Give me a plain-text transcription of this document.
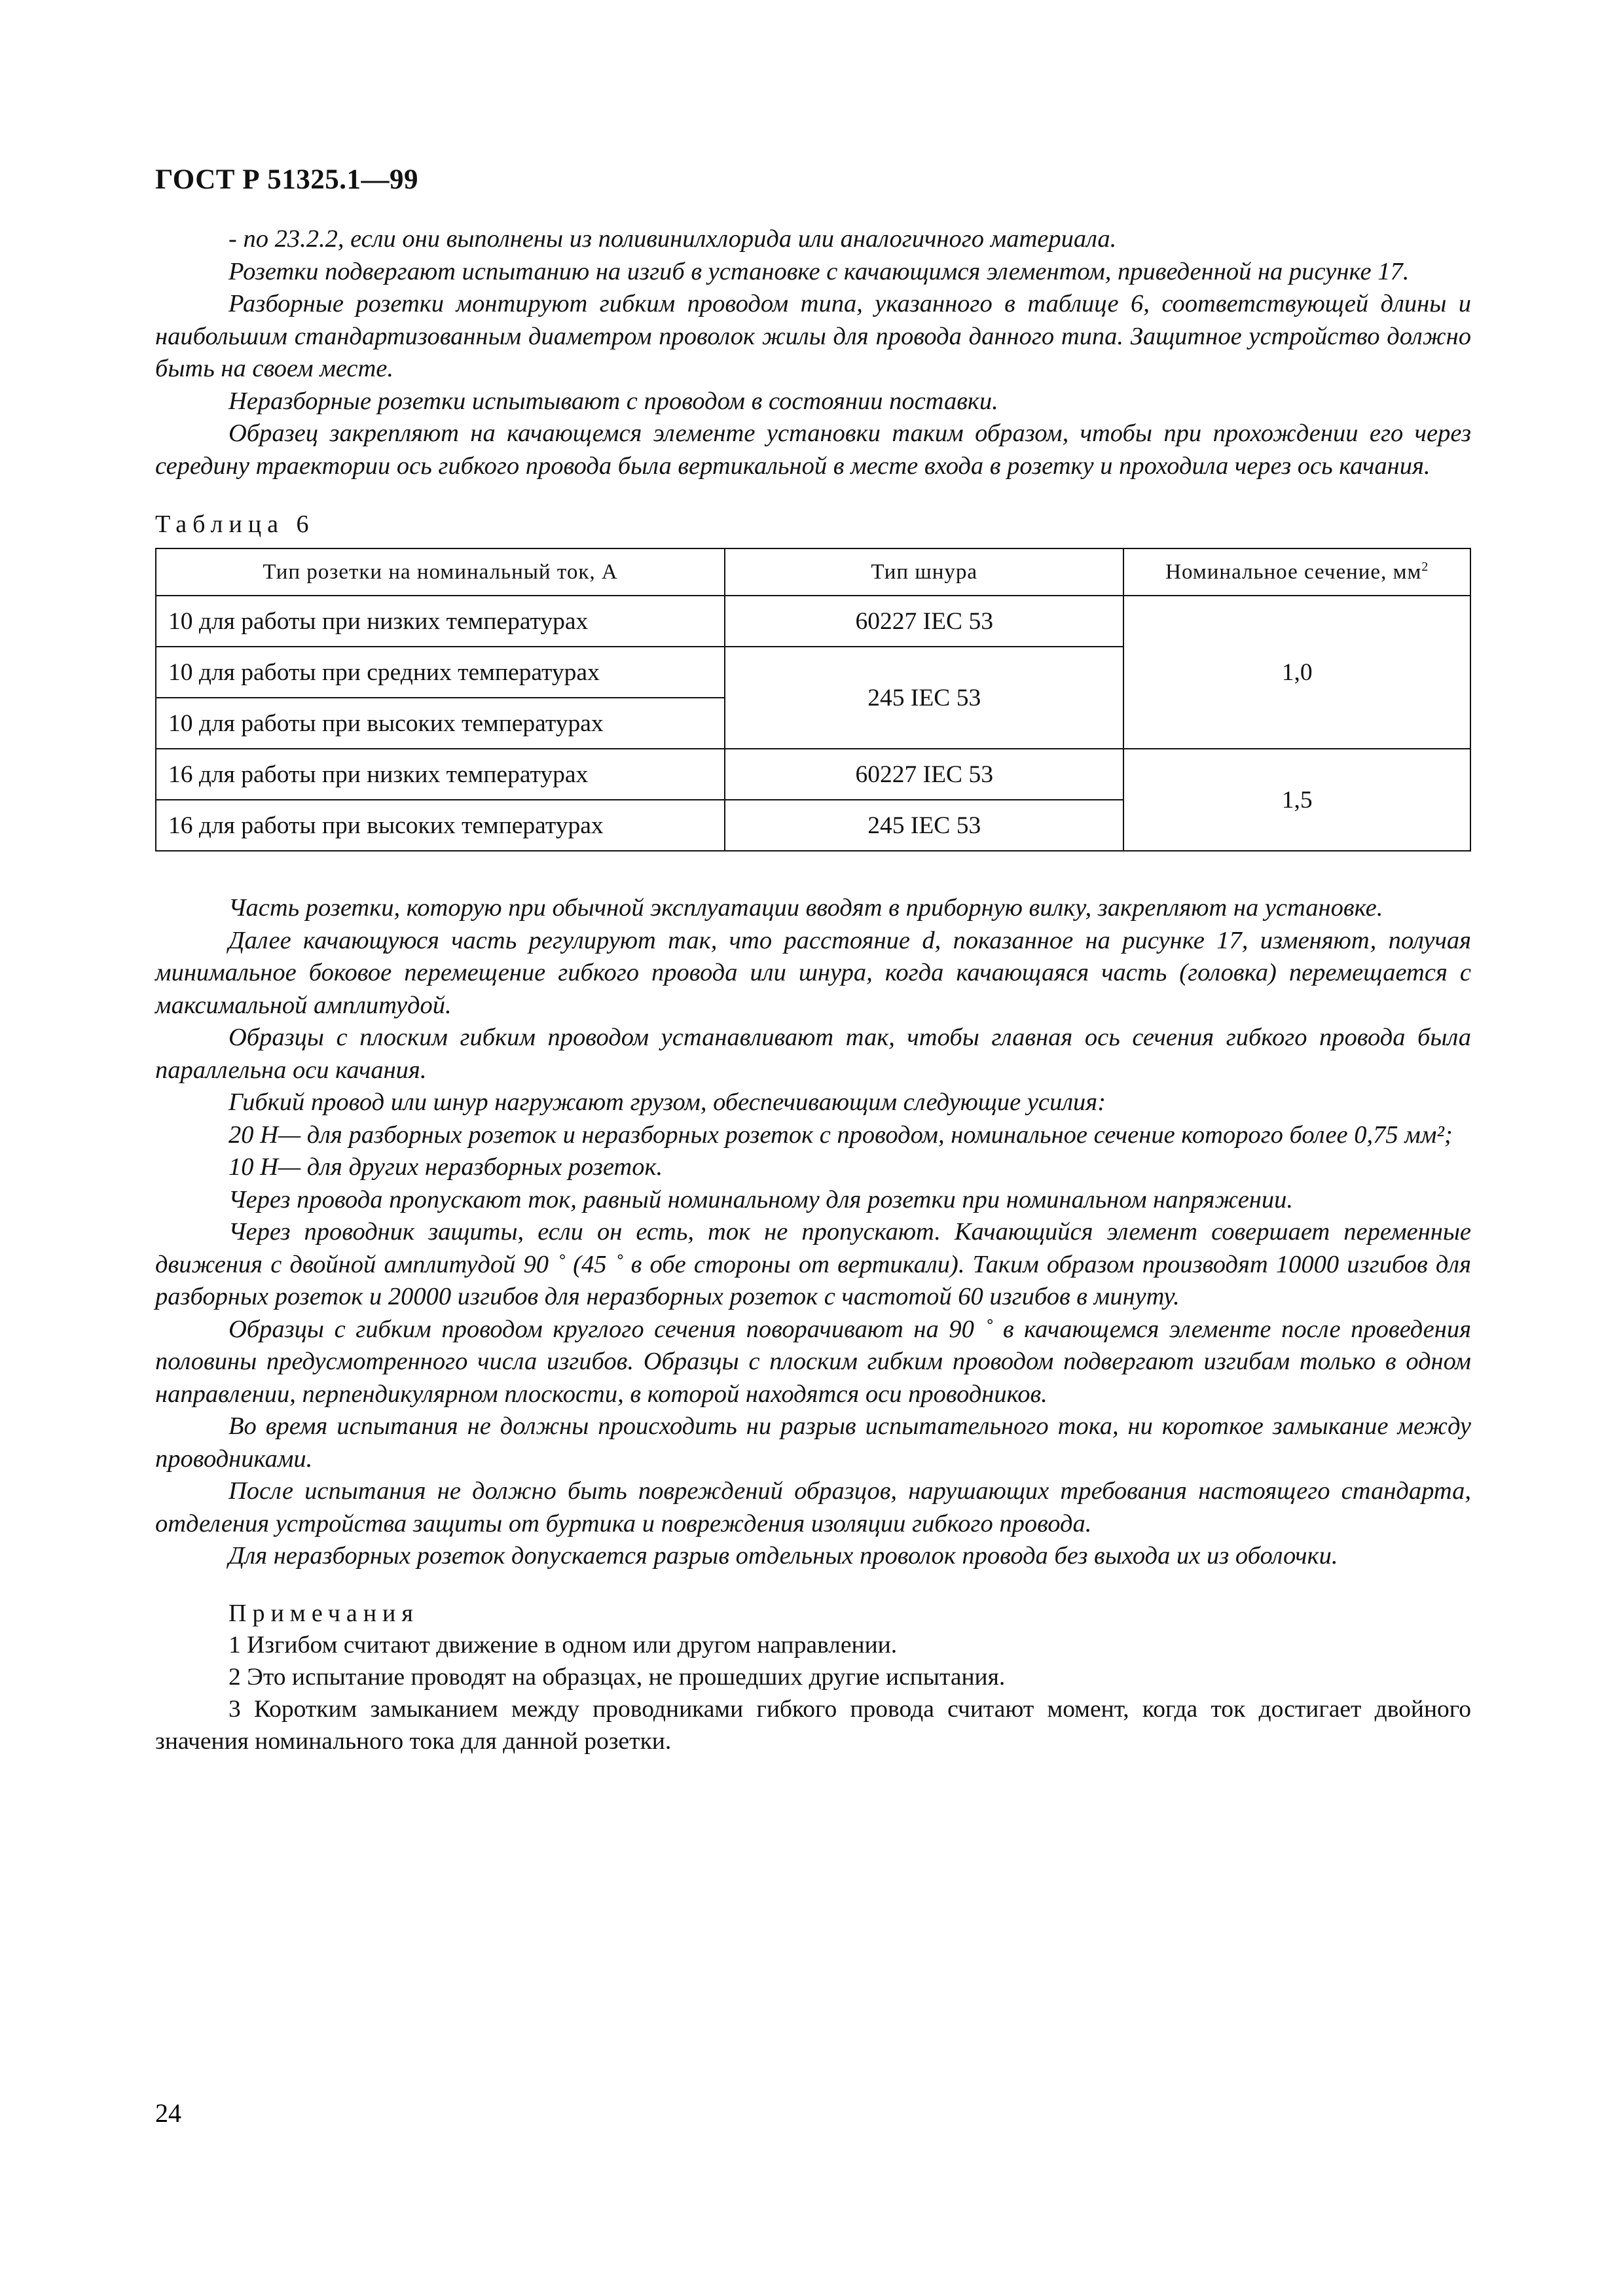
ГОСТ Р 51325.1—99

- по 23.2.2, если они выполнены из поливинилхлорида или аналогичного материала.

Розетки подвергают испытанию на изгиб в установке с качающимся элементом, приведенной на рисунке 17.

Разборные розетки монтируют гибким проводом типа, указанного в таблице 6, соответствующей длины и наибольшим стандартизованным диаметром проволок жилы для провода данного типа. Защитное устройство должно быть на своем месте.

Неразборные розетки испытывают с проводом в состоянии поставки.

Образец закрепляют на качающемся элементе установки таким образом, чтобы при прохождении его через середину траектории ось гибкого провода была вертикальной в месте входа в розетку и проходила через ось качания.

Таблица 6
Тип розетки на номинальный ток, А	Тип шнура	Номинальное сечение, $мм^2$
10 для работы при низких температурах	60227 IEC 53	1,0
10 для работы при средних температурах	245 IEC 53	
10 для работы при высоких температурах		
16 для работы при низких температурах	60227 IEC 53	1,5
16 для работы при высоких температурах	245 IEC 53	

Часть розетки, которую при обычной эксплуатации вводят в приборную вилку, закрепляют на установке.

Далее качающуюся часть регулируют так, что расстояние d, показанное на рисунке 17, изменяют, получая минимальное боковое перемещение гибкого провода или шнура, когда качающаяся часть (головка) перемещается с максимальной амплитудой.

Образцы с плоским гибким проводом устанавливают так, чтобы главная ось сечения гибкого провода была параллельна оси качания.

Гибкий провод или шнур нагружают грузом, обеспечивающим следующие усилия:

20 Н— для разборных розеток и неразборных розеток с проводом, номинальное сечение которого более 0,75 мм²;

10 Н— для других неразборных розеток.

Через провода пропускают ток, равный номинальному для розетки при номинальном напряжении.

Через проводник защиты, если он есть, ток не пропускают. Качающийся элемент совершает переменные движения с двойной амплитудой 90 ˚ (45 ˚ в обе стороны от вертикали). Таким образом производят 10000 изгибов для разборных розеток и 20000 изгибов для неразборных розеток с частотой 60 изгибов в минуту.

Образцы с гибким проводом круглого сечения поворачивают на 90 ˚ в качающемся элементе после проведения половины предусмотренного числа изгибов. Образцы с плоским гибким проводом подвергают изгибам только в одном направлении, перпендикулярном плоскости, в которой находятся оси проводников.

Во время испытания не должны происходить ни разрыв испытательного тока, ни короткое замыкание между проводниками.

После испытания не должно быть повреждений образцов, нарушающих требования настоящего стандарта, отделения устройства защиты от буртика и повреждения изоляции гибкого провода.

Для неразборных розеток допускается разрыв отдельных проволок провода без выхода их из оболочки.

Примечания

1 Изгибом считают движение в одном или другом направлении.

2 Это испытание проводят на образцах, не прошедших другие испытания.

3 Коротким замыканием между проводниками гибкого провода считают момент, когда ток достигает двойного значения номинального тока для данной розетки.

24
